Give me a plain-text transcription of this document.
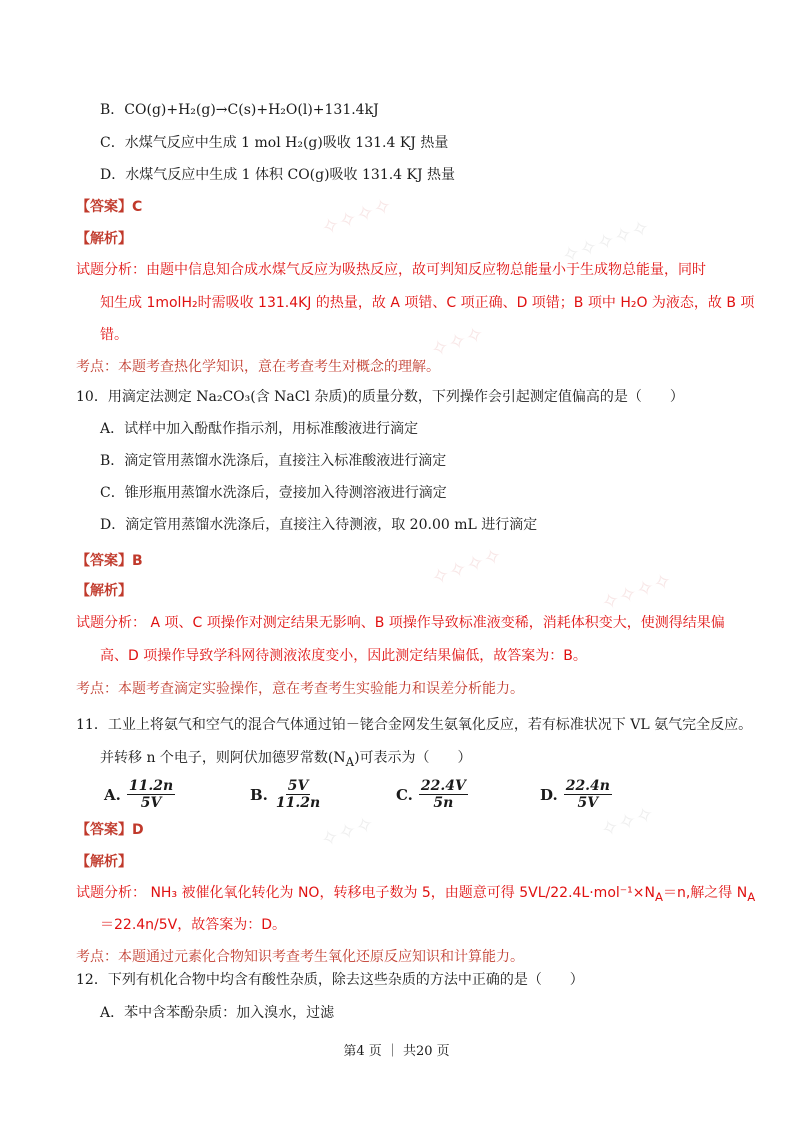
✧✧✧✧	✧✧✧✧✧
✧✧✧
✧✧✧✧
✧✧✧✧
✧✧✧	✧✧✧
B．CO(g)+H₂(g)→C(s)+H₂O(l)+131.4kJ
C．水煤气反应中生成 1 mol H₂(g)吸收 131.4 KJ 热量
D．水煤气反应中生成 1 体积 CO(g)吸收 131.4 KJ 热量
【答案】C
【解析】
试题分析：由题中信息知合成水煤气反应为吸热反应，故可判知反应物总能量小于生成物总能量，同时
知生成 1molH₂时需吸收 131.4KJ 的热量，故 A 项错、C 项正确、D 项错；B 项中 H₂O 为液态，故 B 项
错。
考点：本题考查热化学知识，意在考查考生对概念的理解。
10．用滴定法测定 Na₂CO₃(含 NaCl 杂质)的质量分数，下列操作会引起测定值偏高的是（　　）
A．试样中加入酚酞作指示剂，用标准酸液进行滴定
B．滴定管用蒸馏水洗涤后，直接注入标准酸液进行滴定
C．锥形瓶用蒸馏水洗涤后，壹接加入待测溶液进行滴定
D．滴定管用蒸馏水洗涤后，直接注入待测液，取 20.00 mL 进行滴定
【答案】B
【解析】
试题分析： A 项、C 项操作对测定结果无影响、B 项操作导致标准液变稀，消耗体积变大，使测得结果偏
高、D 项操作导致学科网待测液浓度变小，因此测定结果偏低，故答案为：B。
考点：本题考查滴定实验操作，意在考查考生实验能力和误差分析能力。
11．工业上将氨气和空气的混合气体通过铂－铑合金网发生氨氧化反应，若有标准状况下 VL 氨气完全反应。
并转移 n 个电子，则阿伏加德罗常数$(N_A)$可表示为（　　）
A. $\frac{11.2n}{5V}$	B. $\frac{5V}{11.2n}$	C. $\frac{22.4V}{5n}$	D. $\frac{22.4n}{5V}$
【答案】D
【解析】
试题分析： NH₃ 被催化氧化转化为 NO，转移电子数为 5，由题意可得 $5VL/22.4L\cdot mol^{-1}\times N_A=n$,解之得 $N_A$
＝22.4n/5V，故答案为：D。
考点：本题通过元素化合物知识考查考生氧化还原反应知识和计算能力。
12．下列有机化合物中均含有酸性杂质，除去这些杂质的方法中正确的是（　　）
A．苯中含苯酚杂质：加入溴水，过滤
第4 页 ｜ 共20 页
